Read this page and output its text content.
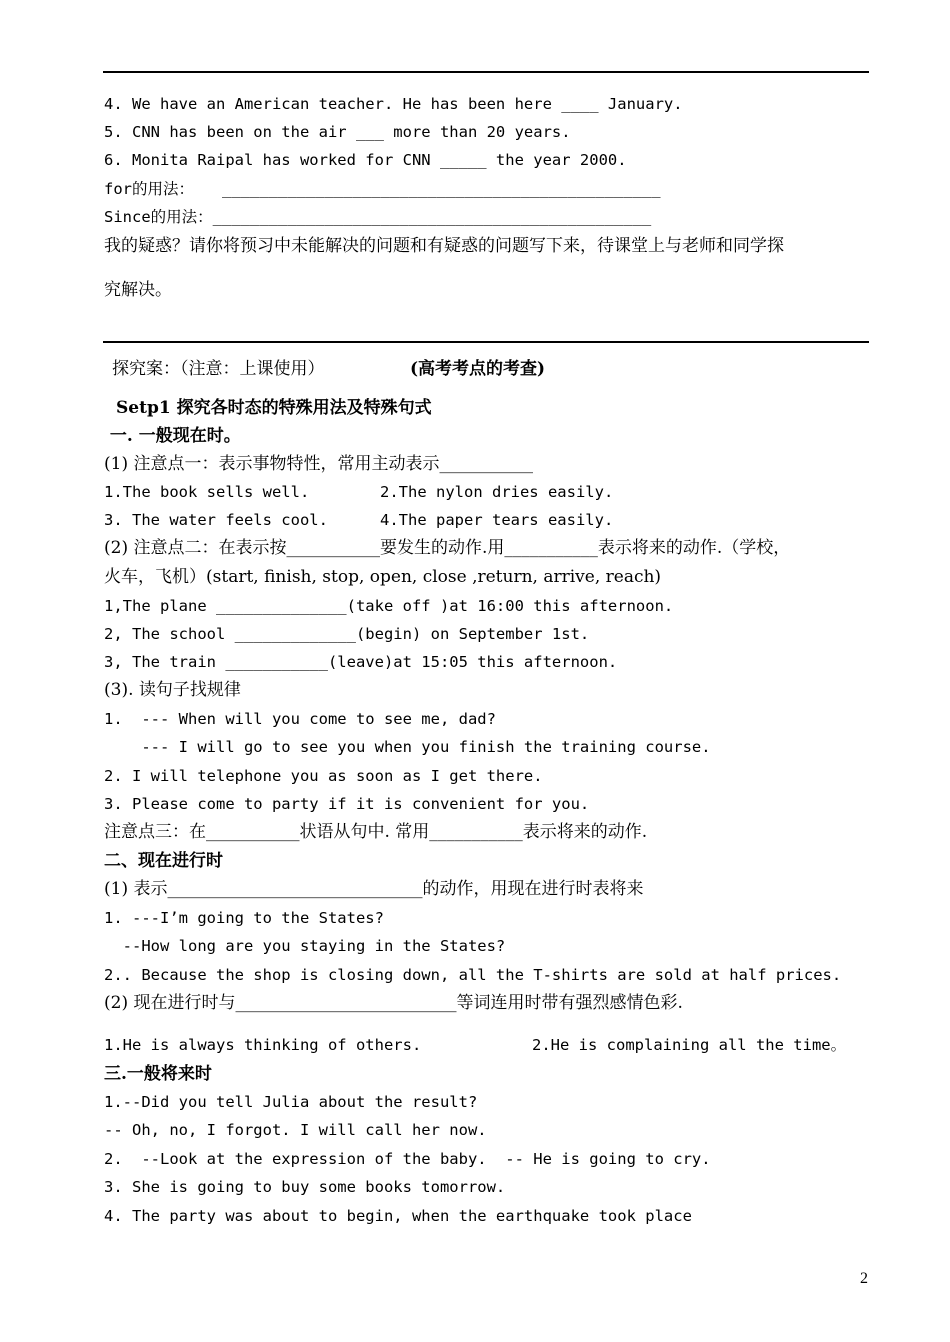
4. We have an American teacher. He has been here ____ January.
5. CNN has been on the air ___ more than 20 years.
6. Monita Raipal has worked for CNN _____ the year 2000.
for的用法：   _______________________________________________
Since的用法：_______________________________________________
我的疑惑？请你将预习中未能解决的问题和有疑惑的问题写下来，待课堂上与老师和同学探
究解决。
探究案：（注意：上课使用）	(高考考点的考查)
Setp1 探究各时态的特殊用法及特殊句式
一. 一般现在时。
(1) 注意点一：表示事物特性，常用主动表示___________
1.The book sells well.	2.The nylon dries easily.
3. The water feels cool.	4.The paper tears easily.
(2) 注意点二：在表示按___________要发生的动作.用___________表示将来的动作.（学校，
火车，飞机）(start, finish, stop, open, close ,return, arrive, reach)
1,The plane ______________(take off )at 16:00 this afternoon.
2, The school _____________(begin) on September 1st.
3, The train ___________(leave)at 15:05 this afternoon.
(3). 读句子找规律
1.  --- When will you come to see me, dad?
--- I will go to see you when you finish the training course.
2. I will telephone you as soon as I get there.
3. Please come to party if it is convenient for you.
注意点三：在___________状语从句中. 常用___________表示将来的动作.
二、现在进行时
(1) 表示______________________________的动作，用现在进行时表将来
1. ---I’m going to the States?
--How long are you staying in the States?
2.. Because the shop is closing down, all the T-shirts are sold at half prices.
(2) 现在进行时与__________________________等词连用时带有强烈感情色彩.
1.He is always thinking of others.	2.He is complaining all the time。
三.一般将来时
1.--Did you tell Julia about the result?
-- Oh, no, I forgot. I will call her now.
2.  --Look at the expression of the baby.  -- He is going to cry.
3. She is going to buy some books tomorrow.
4. The party was about to begin, when the earthquake took place
2
